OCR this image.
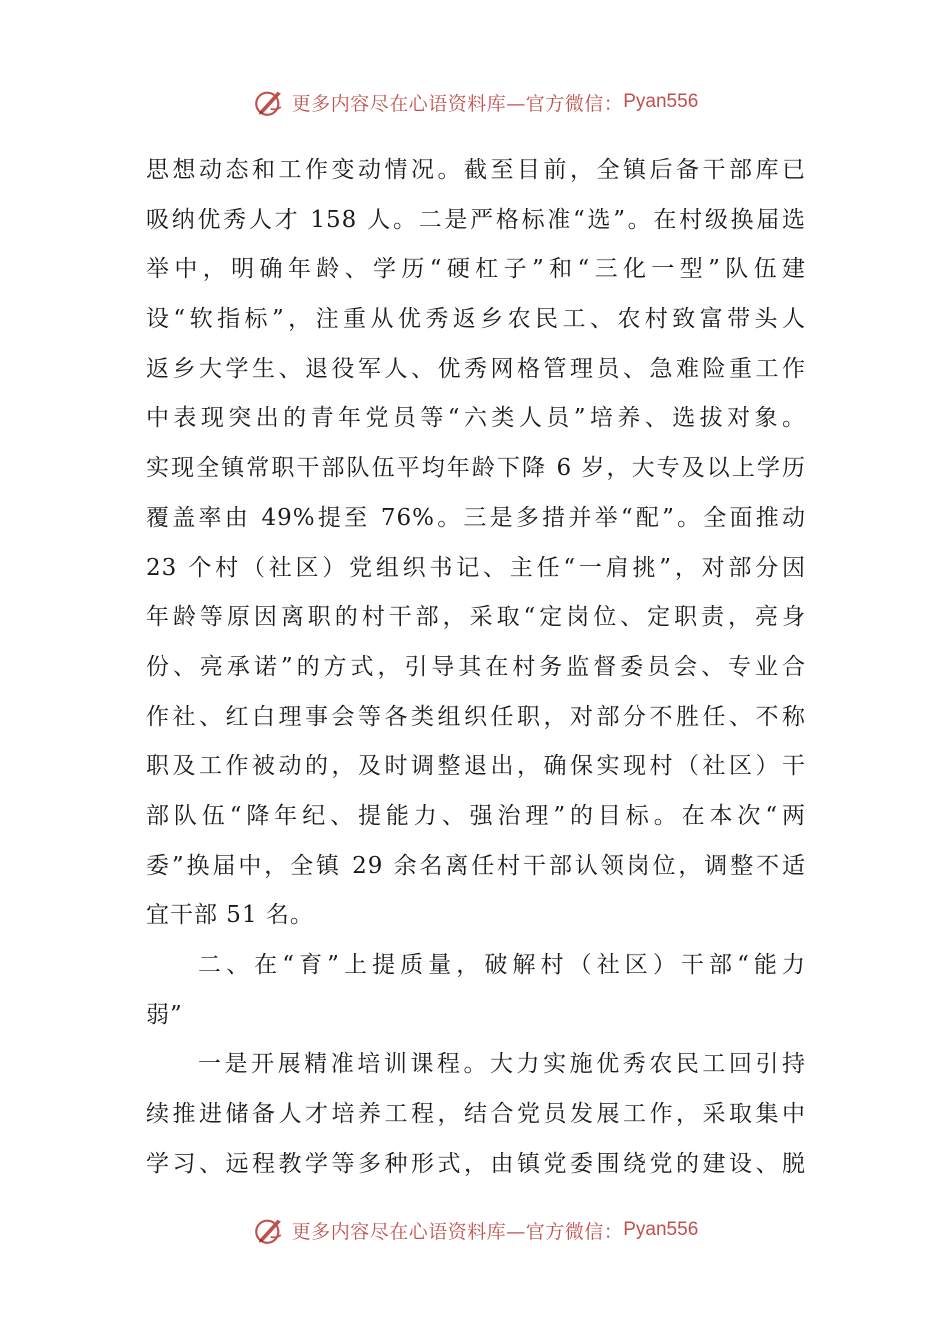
更多内容尽在心语资料库—官方微信： Pyan556
思想动态和工作变动情况。截至目前，全镇后备干部库已
吸纳优秀人才 158 人。二是严格标准“选”。在村级换届选
举中，明确年龄、学历“硬杠子”和“三化一型”队伍建
设“软指标”，注重从优秀返乡农民工、农村致富带头人
返乡大学生、退役军人、优秀网格管理员、急难险重工作
中表现突出的青年党员等“六类人员”培养、选拔对象。
实现全镇常职干部队伍平均年龄下降 6 岁，大专及以上学历
覆盖率由 49%提至 76%。三是多措并举“配”。全面推动
23 个村（社区）党组织书记、主任“一肩挑”，对部分因
年龄等原因离职的村干部，采取“定岗位、定职责，亮身
份、亮承诺”的方式，引导其在村务监督委员会、专业合
作社、红白理事会等各类组织任职，对部分不胜任、不称
职及工作被动的，及时调整退出，确保实现村（社区）干
部队伍“降年纪、提能力、强治理”的目标。在本次“两
委”换届中，全镇 29 余名离任村干部认领岗位，调整不适
宜干部 51 名。
二、在“育”上提质量，破解村（社区）干部“能力
弱”
一是开展精准培训课程。大力实施优秀农民工回引持
续推进储备人才培养工程，结合党员发展工作，采取集中
学习、远程教学等多种形式，由镇党委围绕党的建设、脱
更多内容尽在心语资料库—官方微信： Pyan556
